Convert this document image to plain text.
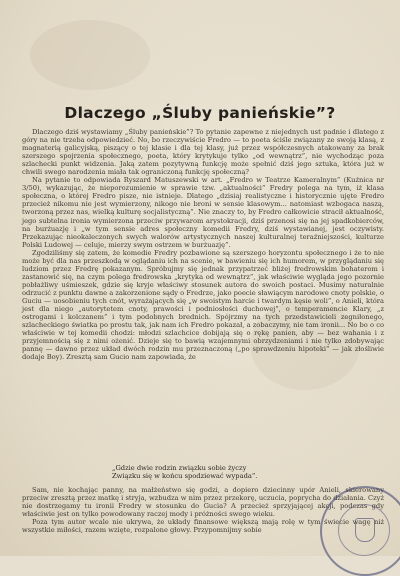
Dlaczego „Śluby panieńskie”?

Dlaczego dziś wystawiamy „Śluby panieńskie”? To pytanie zapewne z niejednych ust padnie i dlatego z góry na nie trzeba odpowiedzieć. No, bo rzeczywiście Fredro — to poeta ściśle związany ze swoją klasą, z magnaterią galicyjską, piszący o tej klasie i dla tej klasy, już przez współczesnych atakowany za brak szerszego spojrzenia społecznego, poeta, który krytykuje tylko „od wewnątrz”, nie wychodząc poza szlachecki punkt widzenia. Jaką zatem pozytywną funkcję może spełnić dziś jego sztuka, która już w chwili swego narodzenia miała tak ograniczoną funkcję społeczną?

Na pytanie to odpowiada Ryszard Matuszewski w art. „Fredro w Teatrze Kameralnym” (Kuźnica nr 3/50), wykazując, że nieporozumienie w sprawie tzw. „aktualności” Fredry polega na tym, iż klasa społeczna, o której Fredro pisze, nie istnieje. Dlatego „dzisiaj realistyczne i historycznie ujęte Fredro przecież nikomu nie jest wymierzony, nikogo nie broni w sensie klasowym... natomiast wzbogaca naszą, tworzoną przez nas, wielką kulturę socjalistyczną”. Nie znaczy to, by Fredro całkowicie stracił aktualność, jego subtelna ironia wymierzona przeciw przywarom arystokracji, dziś przenosi się na jej spadkobierców, na burżuazję i „w tym sensie adres społeczny komedii Fredry, dziś wystawianej, jest oczywisty. Przekazując nieokaleczonych swych walorów artystycznych naszej kulturalnej teraźniejszości, kulturze Polski Ludowej — celuje, mierzy swym ostrzem w burżuazję”.

Zgodziliśmy się zatem, że komedie Fredry pozbawione są szerszego horyzontu społecznego i że to nie może być dla nas przeszkodą w oglądaniu ich na scenie, w bawieniu się ich humorem, w przyglądaniu się ludziom przez Fredrę pokazanym. Spróbujmy się jednak przypatrzeć bliżej fredrowskim bohaterom i zastanowić się, na czym polega fredrowska „krytyka od wewnątrz”, jak właściwie wygląda jego pozornie pobłażliwy uśmieszek, gdzie się kryje właściwy stosunek autora do swoich postaci. Musimy naturalnie odrzucić z punktu dawne a zakorzenione sądy o Fredrze, jako poecie sławiącym narodowe cnoty polskie, o Guciu — uosobieniu tych cnót, wyrażających się „w swoistym harcie i twardym kęsie woli”, o Anieli, która jest dla niego „autorytetem cnoty, prawości i podniosłości duchowej”, o temperamencie Klary, „z ostrogami i kolczanem” i tym podobnych brednich. Spójrzmy na tych przedstawicieli zegniłonego, szlacheckiego światka po prostu tak, jak nam ich Fredro pokazał, a zobaczymy, nie tam ironii... No bo o co właściwie w tej komedii chodzi: młodzi szlachcice dobijają się o rękę panien, aby — bez wahania i z przyjemnością się z nimi ożenić. Dzieje się to bawią wzajemnymi obrzydzeniami i nie tylko zdobywając pannę — dawno przez układ dwóch rodzin mu przeznaczoną („po sprawdzeniu hipoteki” — jak złośliwie dodaje Boy). Zresztą sam Gucio nam zapowiada, że

„Gdzie dwie rodzin związku sobie życzy
Związku się w końcu spodziewać wypada”.

Sam, nie kochając panny, na małżeństwo się godzi, a dopiero dziecinny upór Anieli, skierowany przeciw zresztą przez matkę i stryja, wzbudza w nim przez przekorę, uczucia, poprycha do działania. Czyż nie dostrzegamy tu ironii Fredry w stosunku do Gucia? A przecież sprzyjającej akcji, podczas gdy właściwie jest on tylko powodowany raczej mody i próżności swego wieku.

Poza tym autor wcale nie ukrywa, że układy finansowe większą mają rolę w tym świecie wagę niż wszystkie miłości, razem wzięte, rozpalone głowy. Przypomnijmy sobie
